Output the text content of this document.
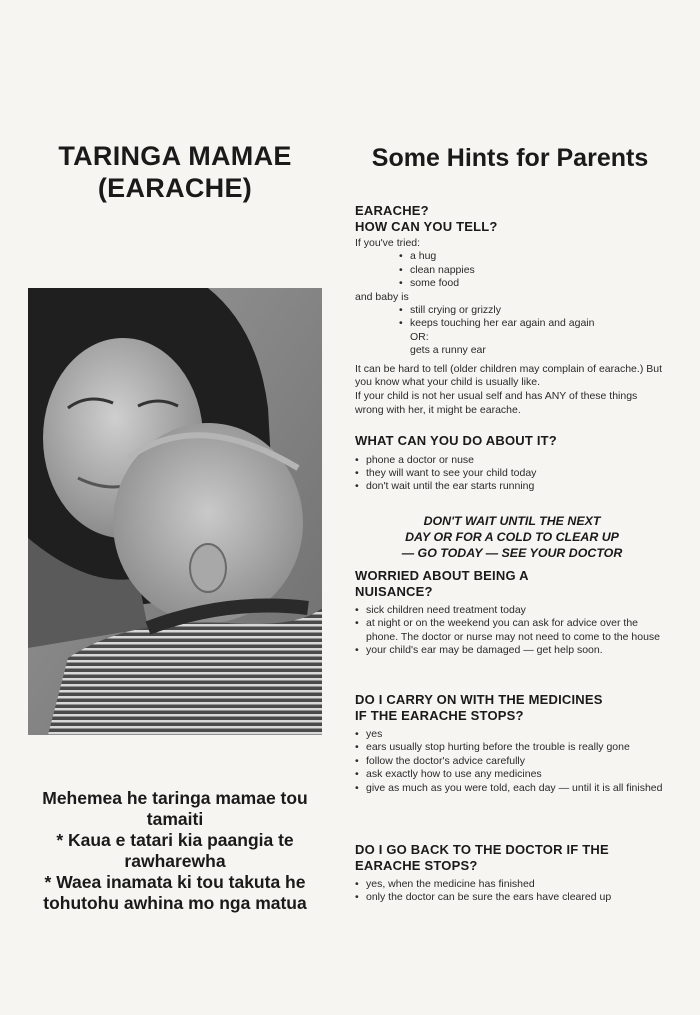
TARINGA MAMAE
(EARACHE)
Mehemea he taringa mamae tou
tamaiti
* Kaua e tatari kia paangia te
rawharewha
* Waea inamata ki tou takuta he
tohutohu awhina mo nga matua
Some Hints for Parents
EARACHE?
HOW CAN YOU TELL?
If you've tried:
• a hug
• clean nappies
• some food
and baby is
• still crying or grizzly
• keeps touching her ear again and again
OR:
gets a runny ear
It can be hard to tell (older children may complain of earache.) But you know what your child is usually like.
If your child is not her usual self and has ANY of these things wrong with her, it might be earache.
WHAT CAN YOU DO ABOUT IT?
• phone a doctor or nuse
• they will want to see your child today
• don't wait until the ear starts running
DON'T WAIT UNTIL THE NEXT
DAY OR FOR A COLD TO CLEAR UP
— GO TODAY — SEE YOUR DOCTOR
WORRIED ABOUT BEING A
NUISANCE?
• sick children need treatment today
• at night or on the weekend you can ask for advice over the phone. The doctor or nurse may not need to come to the house
• your child's ear may be damaged — get help soon.
DO I CARRY ON WITH THE MEDICINES
IF THE EARACHE STOPS?
• yes
• ears usually stop hurting before the trouble is really gone
• follow the doctor's advice carefully
• ask exactly how to use any medicines
• give as much as you were told, each day — until it is all finished
DO I GO BACK TO THE DOCTOR IF THE
EARACHE STOPS?
• yes, when the medicine has finished
• only the doctor can be sure the ears have cleared up
